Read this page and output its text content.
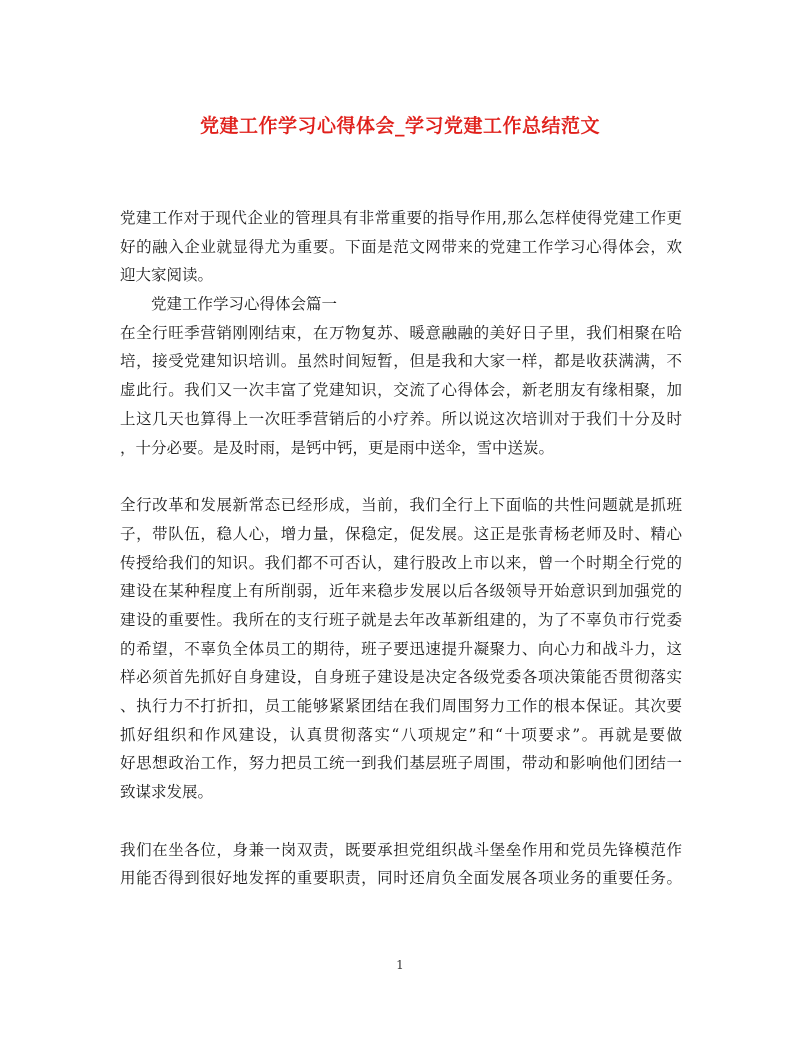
党建工作学习心得体会_学习党建工作总结范文
党建工作对于现代企业的管理具有非常重要的指导作用,那么怎样使得党建工作更
好的融入企业就显得尤为重要。下面是范文网带来的党建工作学习心得体会，欢
迎大家阅读。
党建工作学习心得体会篇一
在全行旺季营销刚刚结束，在万物复苏、暖意融融的美好日子里，我们相聚在哈
培，接受党建知识培训。虽然时间短暂，但是我和大家一样，都是收获满满，不
虚此行。我们又一次丰富了党建知识，交流了心得体会，新老朋友有缘相聚，加
上这几天也算得上一次旺季营销后的小疗养。所以说这次培训对于我们十分及时
，十分必要。是及时雨，是钙中钙，更是雨中送伞，雪中送炭。
全行改革和发展新常态已经形成，当前，我们全行上下面临的共性问题就是抓班
子，带队伍，稳人心，增力量，保稳定，促发展。这正是张青杨老师及时、精心
传授给我们的知识。我们都不可否认，建行股改上市以来，曾一个时期全行党的
建设在某种程度上有所削弱，近年来稳步发展以后各级领导开始意识到加强党的
建设的重要性。我所在的支行班子就是去年改革新组建的，为了不辜负市行党委
的希望，不辜负全体员工的期待，班子要迅速提升凝聚力、向心力和战斗力，这
样必须首先抓好自身建设，自身班子建设是决定各级党委各项决策能否贯彻落实
、执行力不打折扣，员工能够紧紧团结在我们周围努力工作的根本保证。其次要
抓好组织和作风建设，认真贯彻落实“八项规定”和“十项要求”。再就是要做
好思想政治工作，努力把员工统一到我们基层班子周围，带动和影响他们团结一
致谋求发展。
我们在坐各位，身兼一岗双责，既要承担党组织战斗堡垒作用和党员先锋模范作
用能否得到很好地发挥的重要职责，同时还肩负全面发展各项业务的重要任务。
1
